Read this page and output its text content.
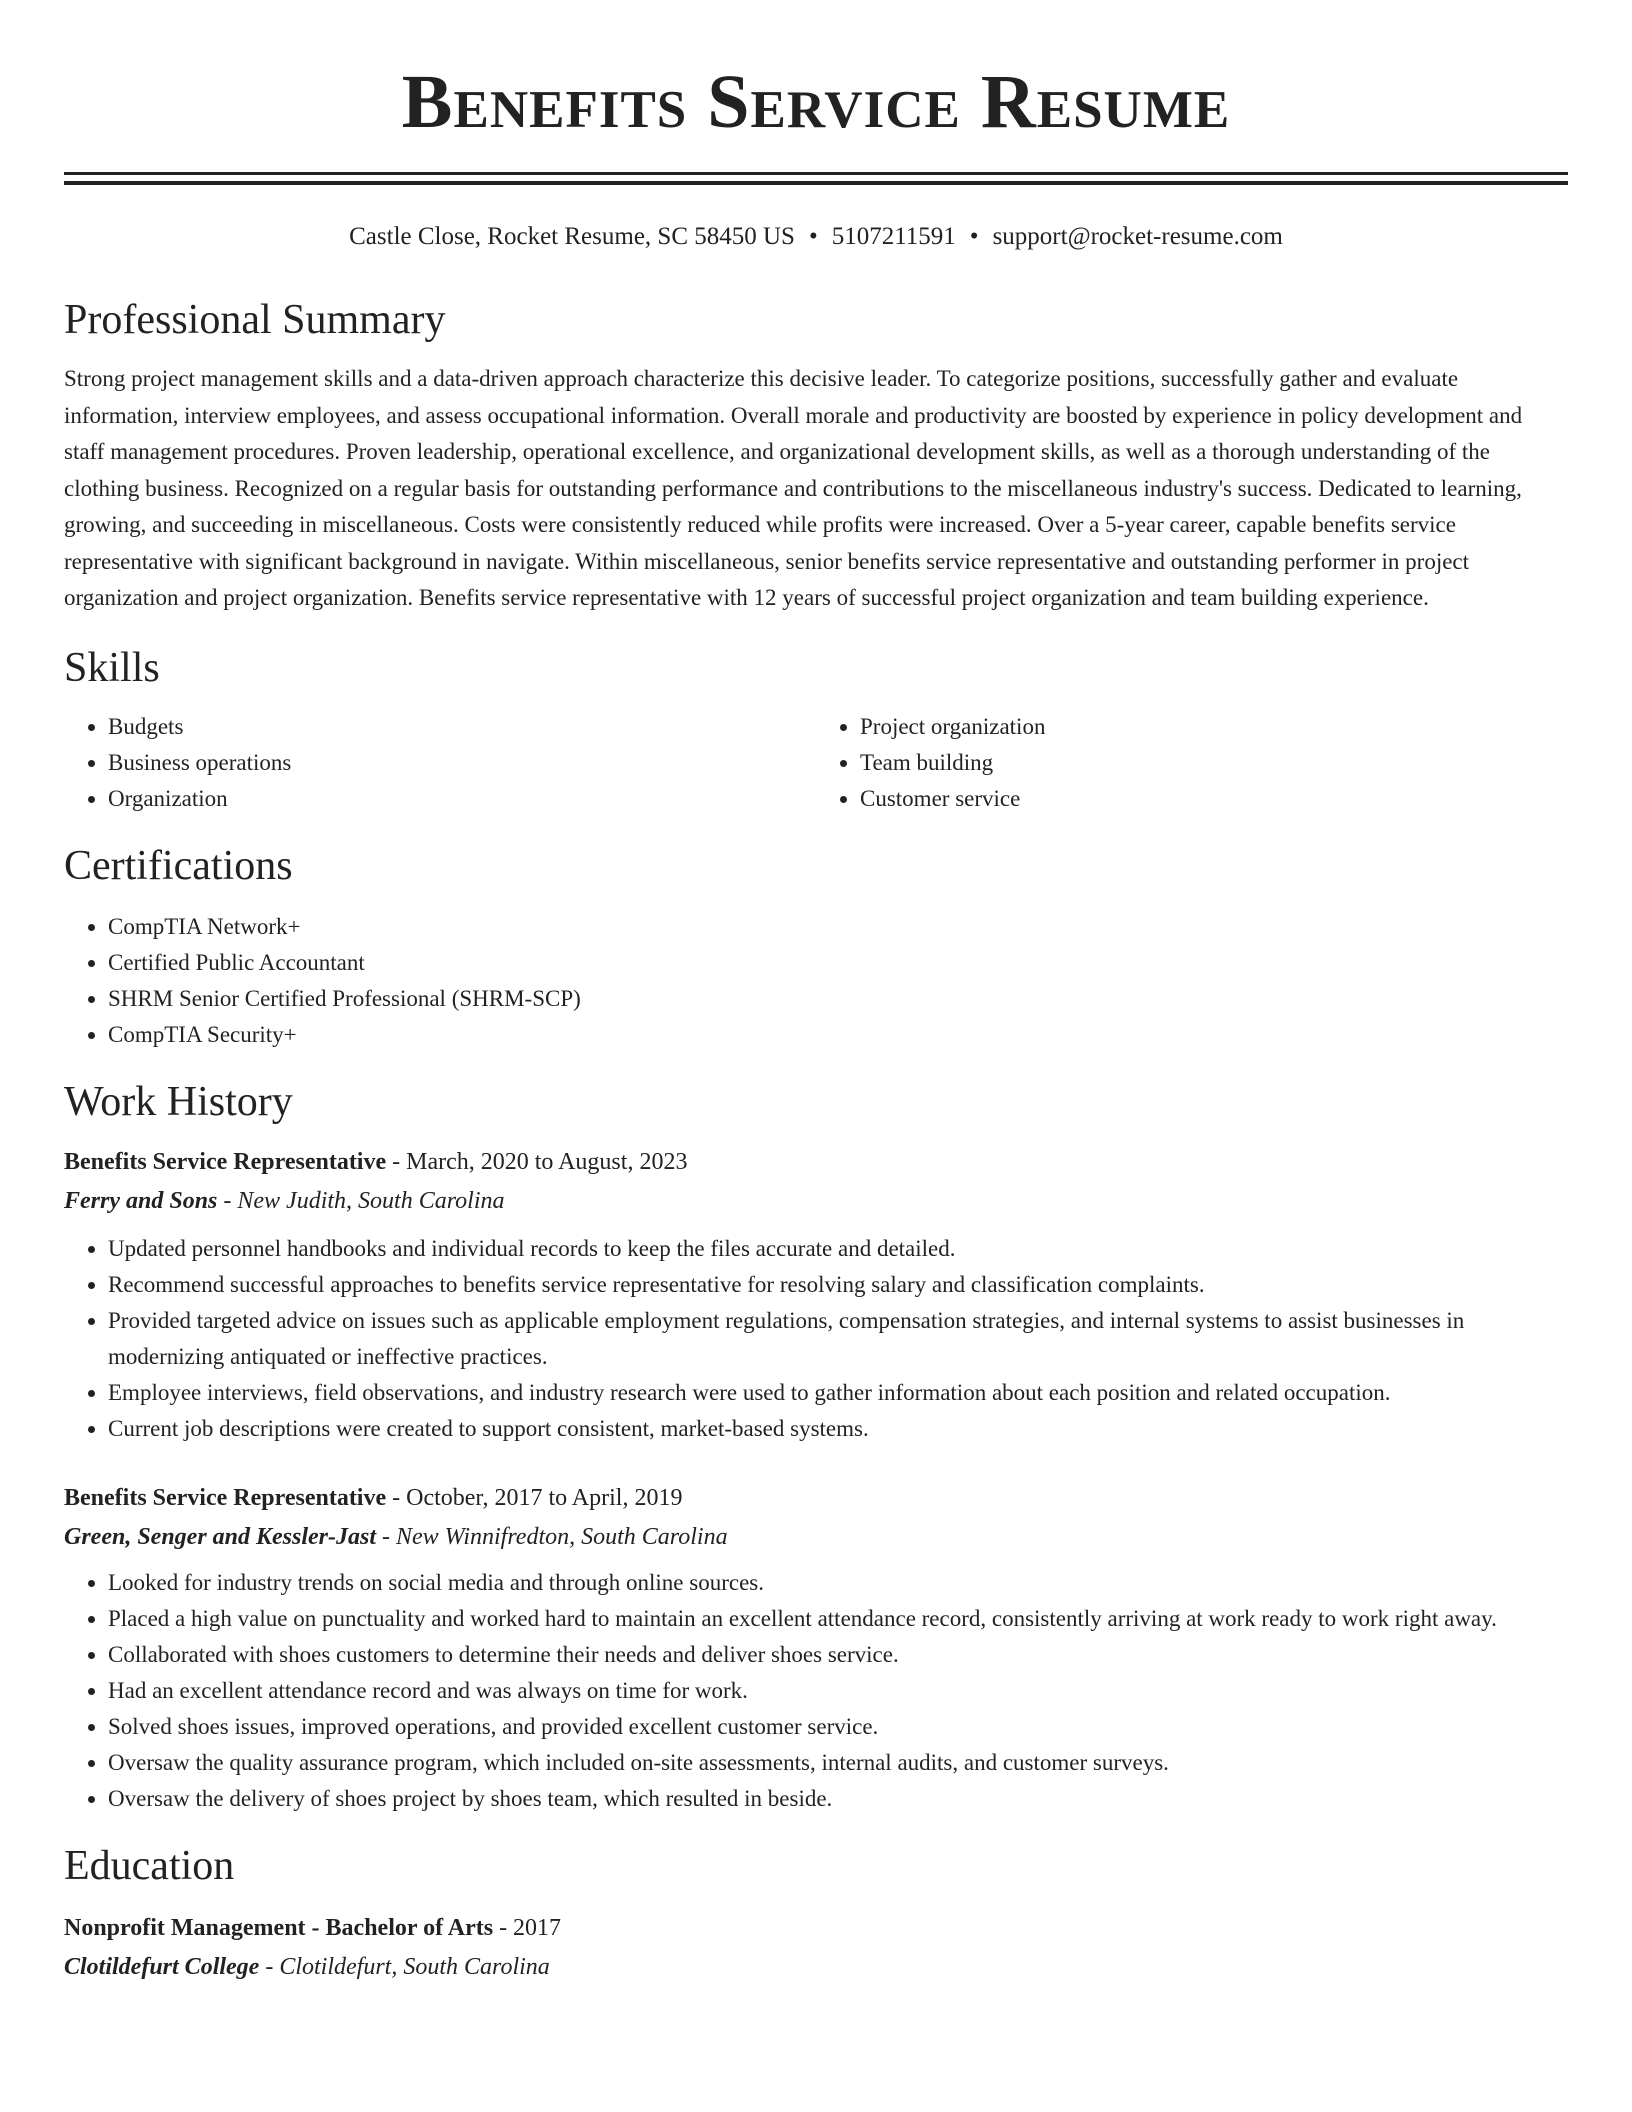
Benefits Service Resume
Castle Close, Rocket Resume, SC 58450 US • 5107211591 • support@rocket-resume.com
Professional Summary
Strong project management skills and a data-driven approach characterize this decisive leader. To categorize positions, successfully gather and evaluate information, interview employees, and assess occupational information. Overall morale and productivity are boosted by experience in policy development and staff management procedures. Proven leadership, operational excellence, and organizational development skills, as well as a thorough understanding of the clothing business. Recognized on a regular basis for outstanding performance and contributions to the miscellaneous industry's success. Dedicated to learning, growing, and succeeding in miscellaneous. Costs were consistently reduced while profits were increased. Over a 5-year career, capable benefits service representative with significant background in navigate. Within miscellaneous, senior benefits service representative and outstanding performer in project organization and project organization. Benefits service representative with 12 years of successful project organization and team building experience.
Skills
• Budgets
• Business operations
• Organization
• Project organization
• Team building
• Customer service
Certifications
• CompTIA Network+
• Certified Public Accountant
• SHRM Senior Certified Professional (SHRM-SCP)
• CompTIA Security+
Work History
Benefits Service Representative - March, 2020 to August, 2023
Ferry and Sons - New Judith, South Carolina
• Updated personnel handbooks and individual records to keep the files accurate and detailed.
• Recommend successful approaches to benefits service representative for resolving salary and classification complaints.
• Provided targeted advice on issues such as applicable employment regulations, compensation strategies, and internal systems to assist businesses in modernizing antiquated or ineffective practices.
• Employee interviews, field observations, and industry research were used to gather information about each position and related occupation.
• Current job descriptions were created to support consistent, market-based systems.
Benefits Service Representative - October, 2017 to April, 2019
Green, Senger and Kessler-Jast - New Winnifredton, South Carolina
• Looked for industry trends on social media and through online sources.
• Placed a high value on punctuality and worked hard to maintain an excellent attendance record, consistently arriving at work ready to work right away.
• Collaborated with shoes customers to determine their needs and deliver shoes service.
• Had an excellent attendance record and was always on time for work.
• Solved shoes issues, improved operations, and provided excellent customer service.
• Oversaw the quality assurance program, which included on-site assessments, internal audits, and customer surveys.
• Oversaw the delivery of shoes project by shoes team, which resulted in beside.
Education
Nonprofit Management - Bachelor of Arts - 2017
Clotildefurt College - Clotildefurt, South Carolina
